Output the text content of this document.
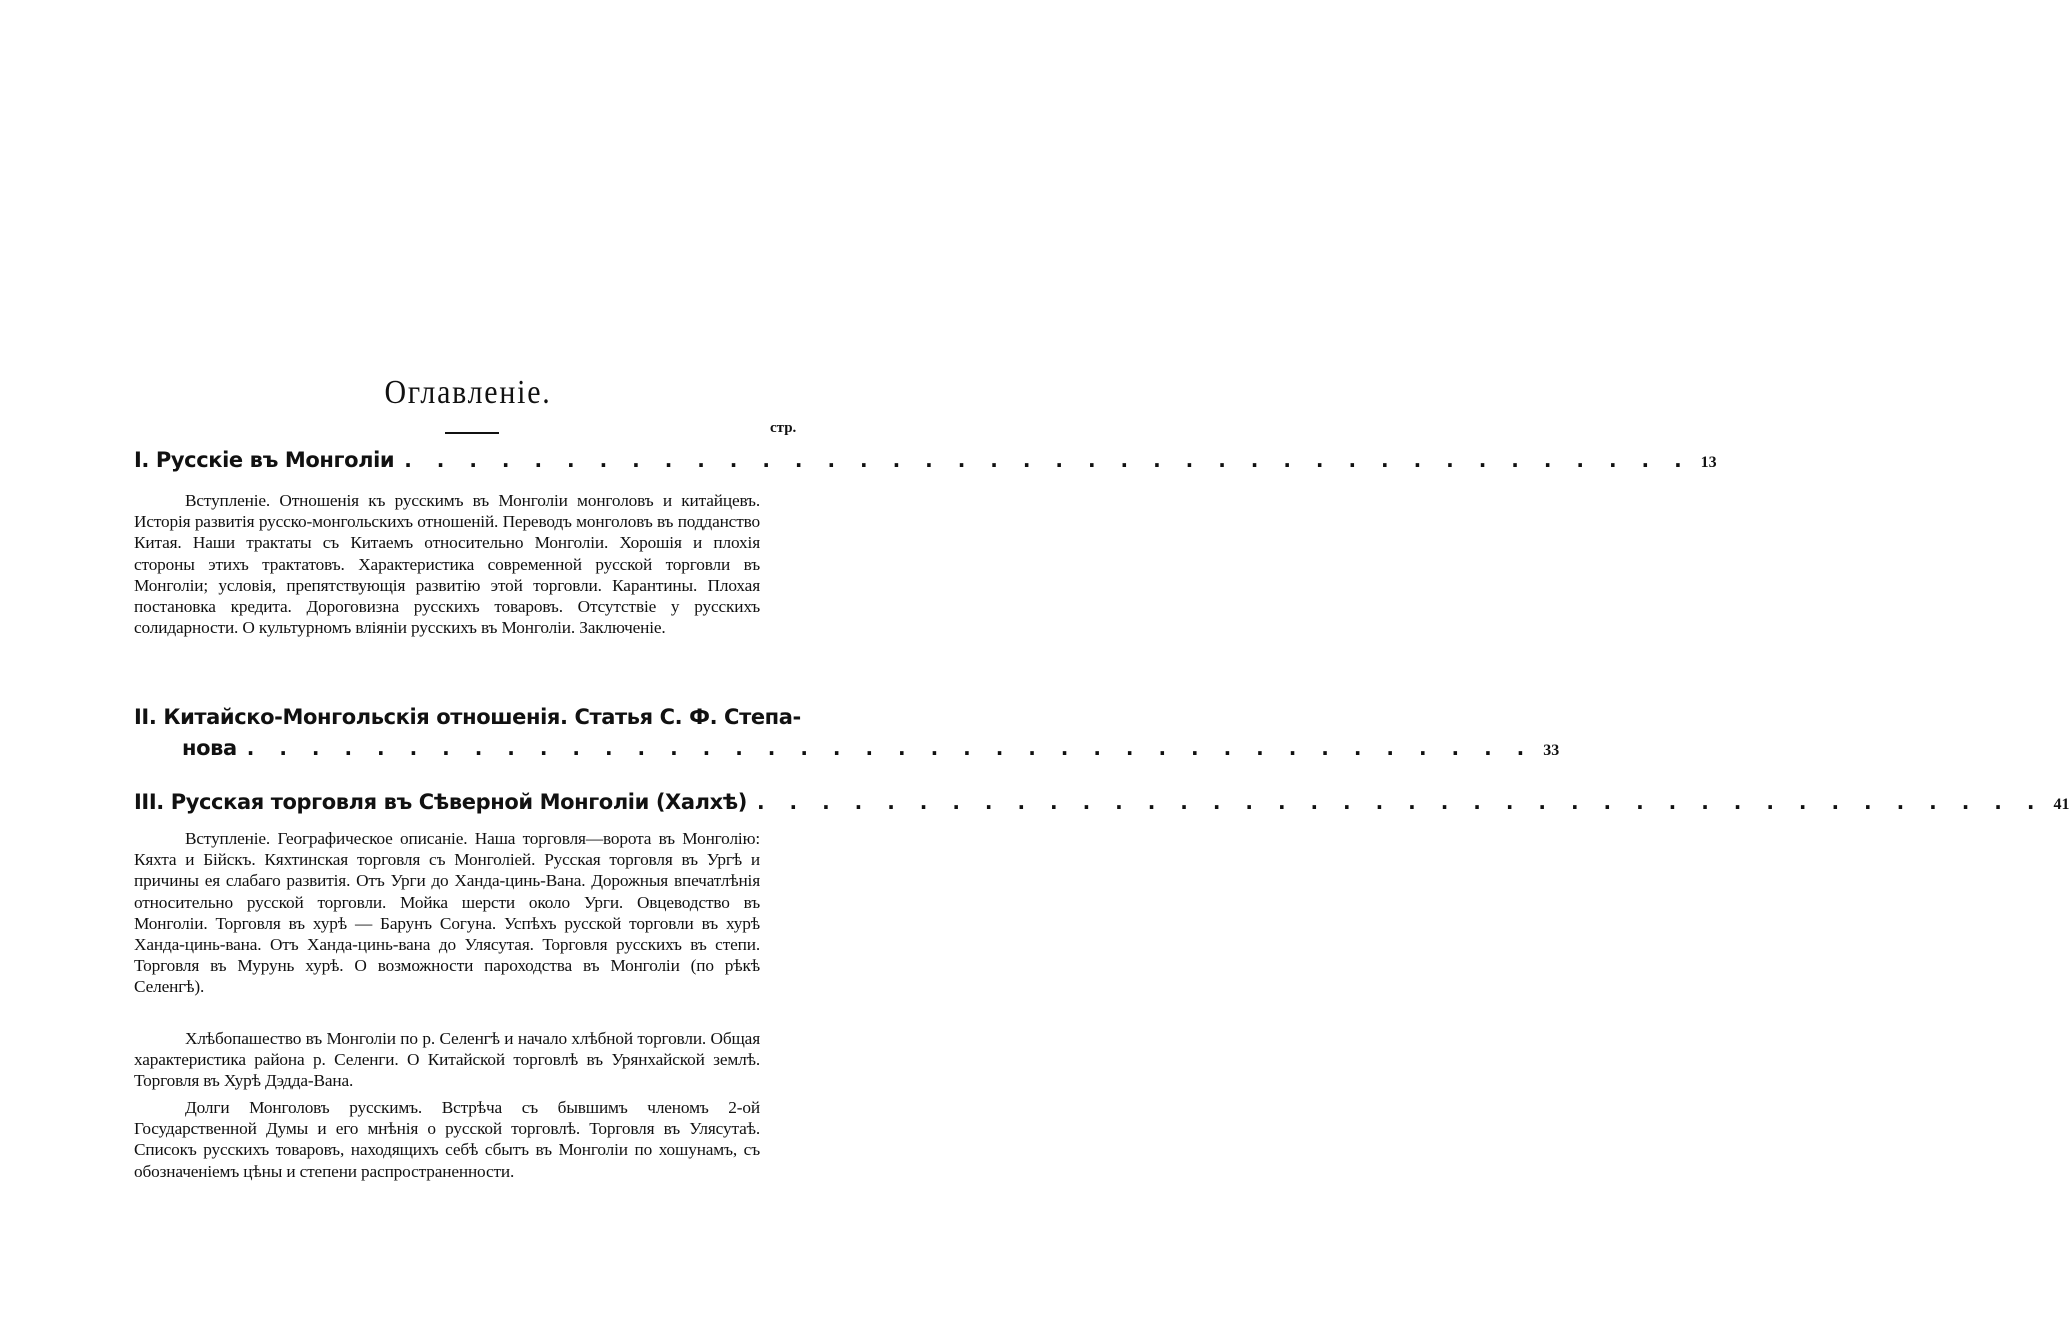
Оглавленіе.
стр.
I. Русскіе въ Монголіи . . . . . . . . . . . . . . . . . . . . . . . . . . . . . . . . . . . . . . . . 13
Вступленіе. Отношенія къ русскимъ въ Монголіи монголовъ и китайцевъ. Исторія развитія русско-монгольскихъ отношеній. Переводъ монголовъ въ подданство Китая. Наши трактаты съ Китаемъ относительно Монголіи. Хорошія и плохія стороны этихъ трактатовъ. Характеристика современной русской торговли въ Монголіи; условія, препятствующія развитію этой торговли. Карантины. Плохая постановка кредита. Дороговизна русскихъ товаровъ. Отсутствіе у русскихъ солидарности. О культурномъ вліяніи русскихъ въ Монголіи. Заключеніе.
II. Китайско-Монгольскія отношенія. Статья С. Ф. Степа-
нова . . . . . . . . . . . . . . . . . . . . . . . . . . . . . . . . . . . . . . . . 33
III. Русская торговля въ Сѣверной Монголіи (Халхѣ) . . . . . . . . . . . . . . . . . . . . . . . . . . . . . . . . . . . . . . . . 41
Вступленіе. Географическое описаніе. Наша торговля—ворота въ Монголію: Кяхта и Бійскъ. Кяхтинская торговля съ Монголіей. Русская торговля въ Ургѣ и причины ея слабаго развитія. Отъ Урги до Ханда-цинь-Вана. Дорожныя впечатлѣнія относительно русской торговли. Мойка шерсти около Урги. Овцеводство въ Монголіи. Торговля въ хурѣ — Барунъ Согуна. Успѣхъ русской торговли въ хурѣ Ханда-цинь-вана. Отъ Ханда-цинь-вана до Улясутая. Торговля русскихъ въ степи. Торговля въ Мурунь хурѣ. О возможности пароходства въ Монголіи (по рѣкѣ Селенгѣ).
Хлѣбопашество въ Монголіи по р. Селенгѣ и начало хлѣбной торговли. Общая характеристика района р. Селенги. О Китайской торговлѣ въ Урянхайской землѣ. Торговля въ Хурѣ Дэдда-Вана.
Долги Монголовъ русскимъ. Встрѣча съ бывшимъ членомъ 2-ой Государственной Думы и его мнѣнія о русской торговлѣ. Торговля въ Улясутаѣ. Списокъ русскихъ товаровъ, находящихъ себѣ сбытъ въ Монголіи по хошунамъ, съ обозначеніемъ цѣны и степени распространенности.
